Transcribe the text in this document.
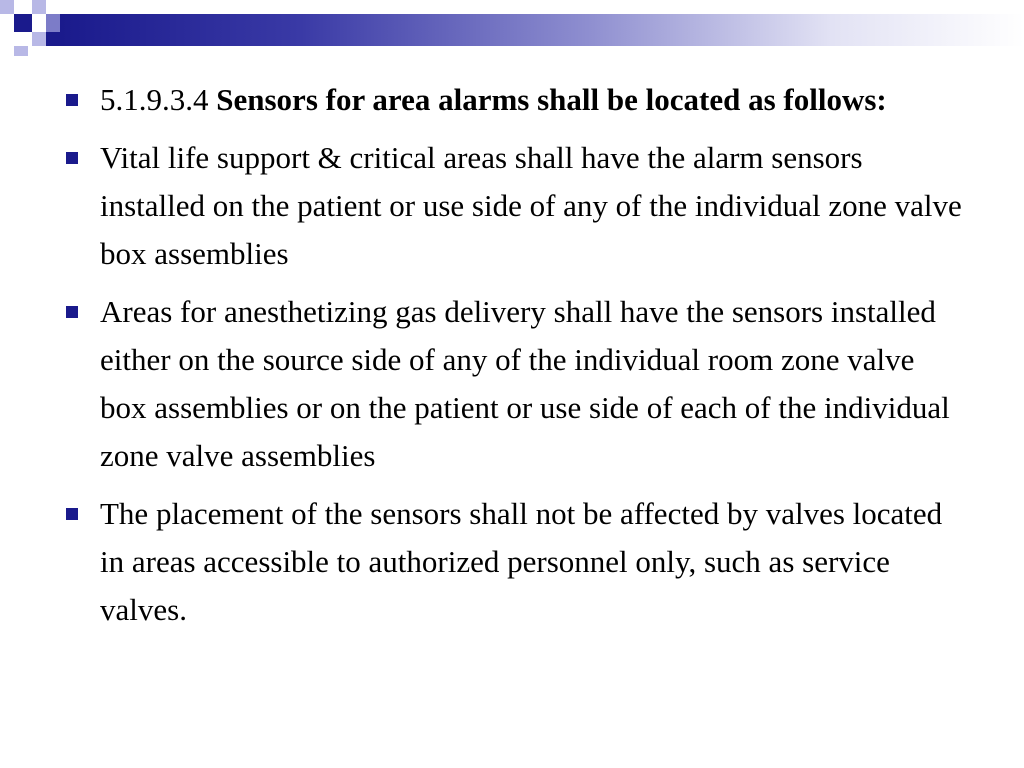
5.1.9.3.4 Sensors for area alarms shall be located as follows:
Vital life support & critical areas shall have the alarm sensors installed on the patient or use side of any of the individual zone valve box assemblies
Areas for anesthetizing gas delivery shall have the sensors installed either on the source side of any of the individual room zone valve box assemblies or on the patient or use side of each of the individual zone valve assemblies
The placement of the sensors shall not be affected by valves located in areas accessible to authorized personnel only, such as service valves.
